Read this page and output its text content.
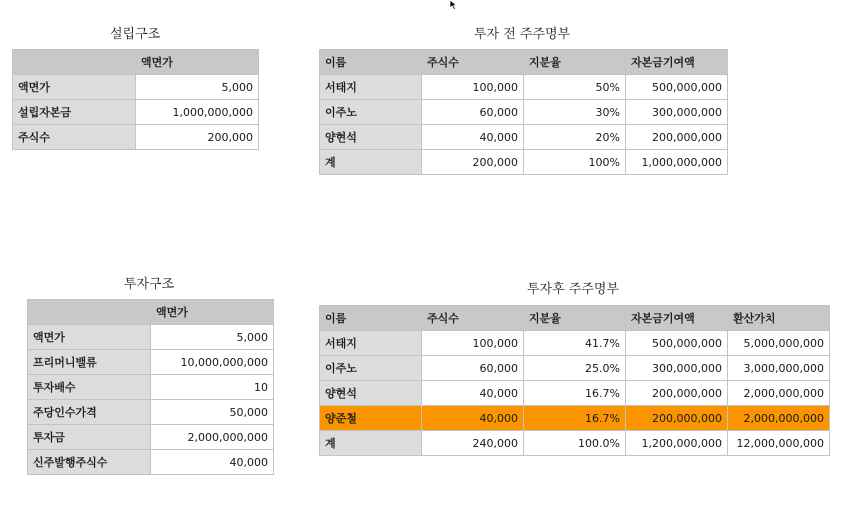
설립구조
	액면가
액면가	5,000
설립자본금	1,000,000,000
주식수	200,000
투자 전 주주명부
이름	주식수	지분율	자본금기여액
서태지	100,000	50%	500,000,000
이주노	60,000	30%	300,000,000
양현석	40,000	20%	200,000,000
계	200,000	100%	1,000,000,000
투자구조
	액면가
액면가	5,000
프리머니밸류	10,000,000,000
투자배수	10
주당인수가격	50,000
투자금	2,000,000,000
신주발행주식수	40,000
투자후 주주명부
이름	주식수	지분율	자본금기여액	환산가치
서태지	100,000	41.7%	500,000,000	5,000,000,000
이주노	60,000	25.0%	300,000,000	3,000,000,000
양현석	40,000	16.7%	200,000,000	2,000,000,000
양준철	40,000	16.7%	200,000,000	2,000,000,000
계	240,000	100.0%	1,200,000,000	12,000,000,000
